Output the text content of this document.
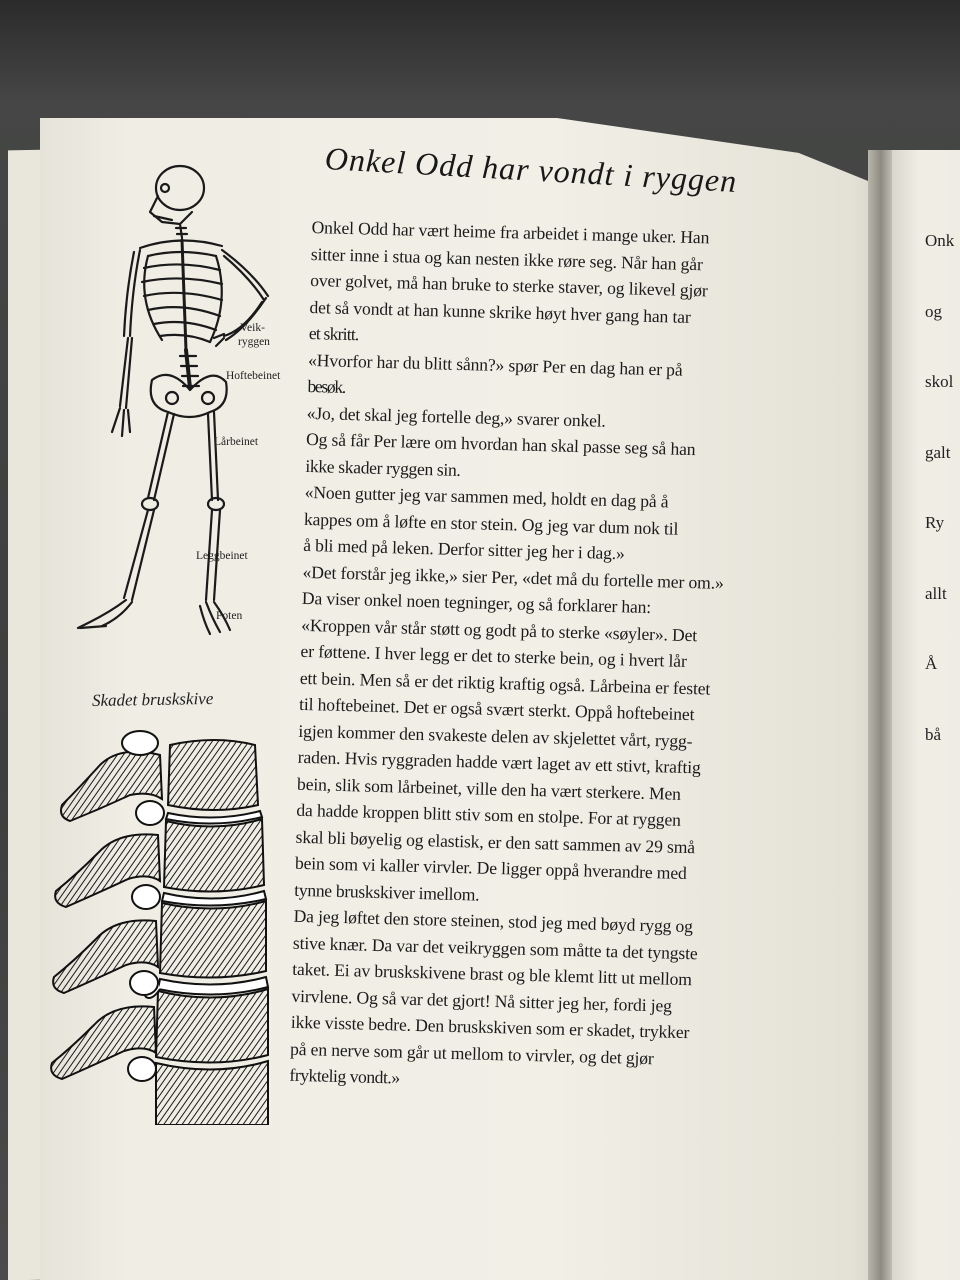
Onk

og

skol

galt

Ry

allt

Å

bå

Onkel Odd har vondt i ryggen
Onkel Odd har vært heime fra arbeidet i mange uker. Han
sitter inne i stua og kan nesten ikke røre seg. Når han går
over golvet, må han bruke to sterke staver, og likevel gjør
det så vondt at han kunne skrike høyt hver gang han tar
et skritt.
«Hvorfor har du blitt sånn?» spør Per en dag han er på
besøk.
«Jo, det skal jeg fortelle deg,» svarer onkel.
Og så får Per lære om hvordan han skal passe seg så han
ikke skader ryggen sin.
«Noen gutter jeg var sammen med, holdt en dag på å
kappes om å løfte en stor stein. Og jeg var dum nok til
å bli med på leken. Derfor sitter jeg her i dag.»
«Det forstår jeg ikke,» sier Per, «det må du fortelle mer om.»
Da viser onkel noen tegninger, og så forklarer han:
«Kroppen vår står støtt og godt på to sterke «søyler». Det
er føttene. I hver legg er det to sterke bein, og i hvert lår
ett bein. Men så er det riktig kraftig også. Lårbeina er festet
til hoftebeinet. Det er også svært sterkt. Oppå hoftebeinet
igjen kommer den svakeste delen av skjelettet vårt, rygg-
raden. Hvis ryggraden hadde vært laget av ett stivt, kraftig
bein, slik som lårbeinet, ville den ha vært sterkere. Men
da hadde kroppen blitt stiv som en stolpe. For at ryggen
skal bli bøyelig og elastisk, er den satt sammen av 29 små
bein som vi kaller virvler. De ligger oppå hverandre med
tynne bruskskiver imellom.
Da jeg løftet den store steinen, stod jeg med bøyd rygg og
stive knær. Da var det veikryggen som måtte ta det tyngste
taket. Ei av bruskskivene brast og ble klemt litt ut mellom
virvlene. Og så var det gjort! Nå sitter jeg her, fordi jeg
ikke visste bedre. Den bruskskiven som er skadet, trykker
på en nerve som går ut mellom to virvler, og det gjør
fryktelig vondt.»
Veik-
ryggen
Hoftebeinet
Lårbeinet
Leggbeinet
Foten
Skadet bruskskive
